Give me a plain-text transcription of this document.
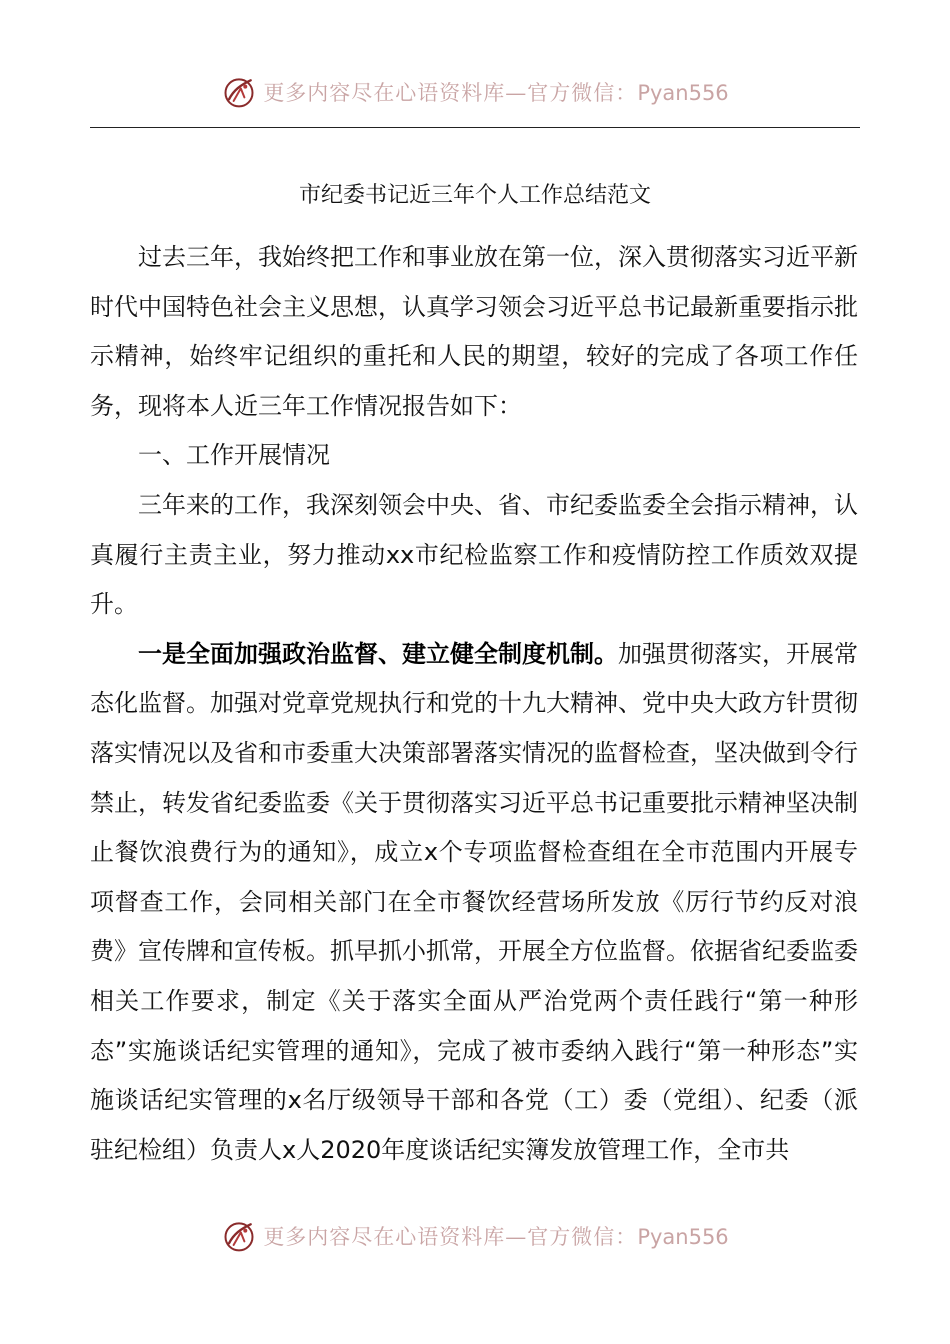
更多内容尽在心语资料库—官方微信：Pyan556
市纪委书记近三年个人工作总结范文

过去三年，我始终把工作和事业放在第一位，深入贯彻落实习近平新时代中国特色社会主义思想，认真学习领会习近平总书记最新重要指示批示精神，始终牢记组织的重托和人民的期望，较好的完成了各项工作任务，现将本人近三年工作情况报告如下：

一、工作开展情况

三年来的工作，我深刻领会中央、省、市纪委监委全会指示精神，认真履行主责主业，努力推动xx市纪检监察工作和疫情防控工作质效双提升。

一是全面加强政治监督、建立健全制度机制。加强贯彻落实，开展常态化监督。加强对党章党规执行和党的十九大精神、党中央大政方针贯彻落实情况以及省和市委重大决策部署落实情况的监督检查，坚决做到令行禁止，转发省纪委监委《关于贯彻落实习近平总书记重要批示精神坚决制止餐饮浪费行为的通知》，成立x个专项监督检查组在全市范围内开展专项督查工作，会同相关部门在全市餐饮经营场所发放《厉行节约反对浪费》宣传牌和宣传板。抓早抓小抓常，开展全方位监督。依据省纪委监委相关工作要求，制定《关于落实全面从严治党两个责任践行“第一种形态”实施谈话纪实管理的通知》，完成了被市委纳入践行“第一种形态”实施谈话纪实管理的x名厅级领导干部和各党（工）委（党组）、纪委（派驻纪检组）负责人x人2020年度谈话纪实簿发放管理工作，全市共

更多内容尽在心语资料库—官方微信：Pyan556
